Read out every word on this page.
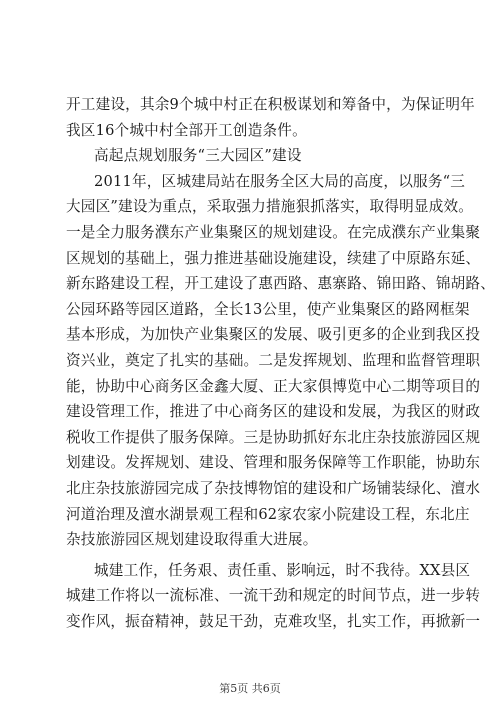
开工建设，其余9个城中村正在积极谋划和筹备中，为保证明年
我区16个城中村全部开工创造条件。
高起点规划服务“三大园区”建设
2011年，区城建局站在服务全区大局的高度，以服务“三
大园区”建设为重点，采取强力措施狠抓落实，取得明显成效。
一是全力服务濮东产业集聚区的规划建设。在完成濮东产业集聚
区规划的基础上，强力推进基础设施建设，续建了中原路东延、
新东路建设工程，开工建设了惠西路、惠寨路、锦田路、锦胡路、
公园环路等园区道路，全长13公里，使产业集聚区的路网框架
基本形成，为加快产业集聚区的发展、吸引更多的企业到我区投
资兴业，奠定了扎实的基础。二是发挥规划、监理和监督管理职
能，协助中心商务区金鑫大厦、正大家俱博览中心二期等项目的
建设管理工作，推进了中心商务区的建设和发展，为我区的财政
税收工作提供了服务保障。三是协助抓好东北庄杂技旅游园区规
划建设。发挥规划、建设、管理和服务保障等工作职能，协助东
北庄杂技旅游园完成了杂技博物馆的建设和广场铺装绿化、澶水
河道治理及澶水湖景观工程和62家农家小院建设工程，东北庄
杂技旅游园区规划建设取得重大进展。
城建工作，任务艰、责任重、影响远，时不我待。XX县区
城建工作将以一流标准、一流干劲和规定的时间节点，进一步转
变作风，振奋精神，鼓足干劲，克难攻坚，扎实工作，再掀新一
第5页 共6页
